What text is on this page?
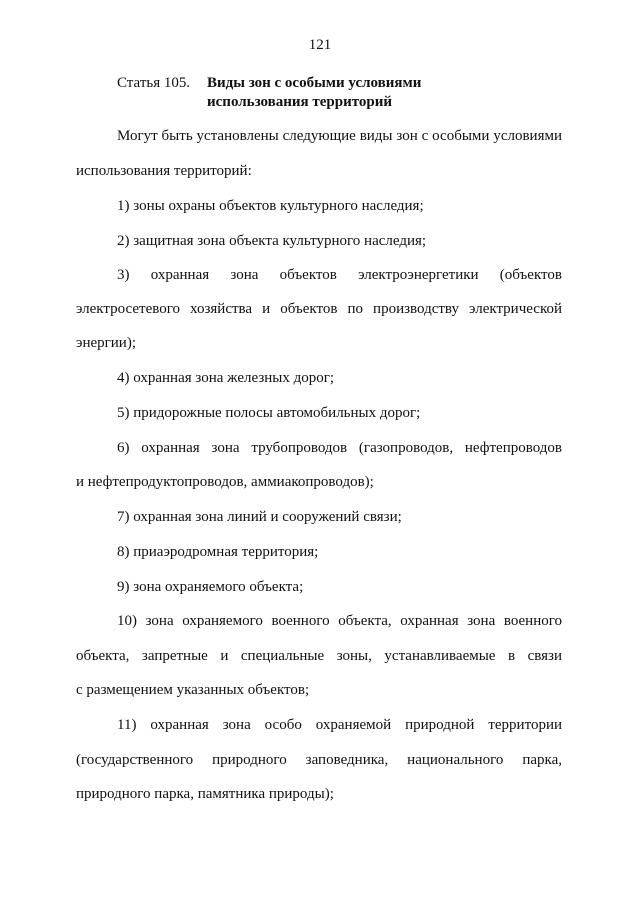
121
Статья 105. Виды зон с особыми условиями использования территорий
Могут быть установлены следующие виды зон с особыми условиями
использования территорий:
1) зоны охраны объектов культурного наследия;
2) защитная зона объекта культурного наследия;
3) охранная зона объектов электроэнергетики (объектов
электросетевого хозяйства и объектов по производству электрической
энергии);
4) охранная зона железных дорог;
5) придорожные полосы автомобильных дорог;
6) охранная зона трубопроводов (газопроводов, нефтепроводов
и нефтепродуктопроводов, аммиакопроводов);
7) охранная зона линий и сооружений связи;
8) приаэродромная территория;
9) зона охраняемого объекта;
10) зона охраняемого военного объекта, охранная зона военного
объекта, запретные и специальные зоны, устанавливаемые в связи
с размещением указанных объектов;
11) охранная зона особо охраняемой природной территории
(государственного природного заповедника, национального парка,
природного парка, памятника природы);
